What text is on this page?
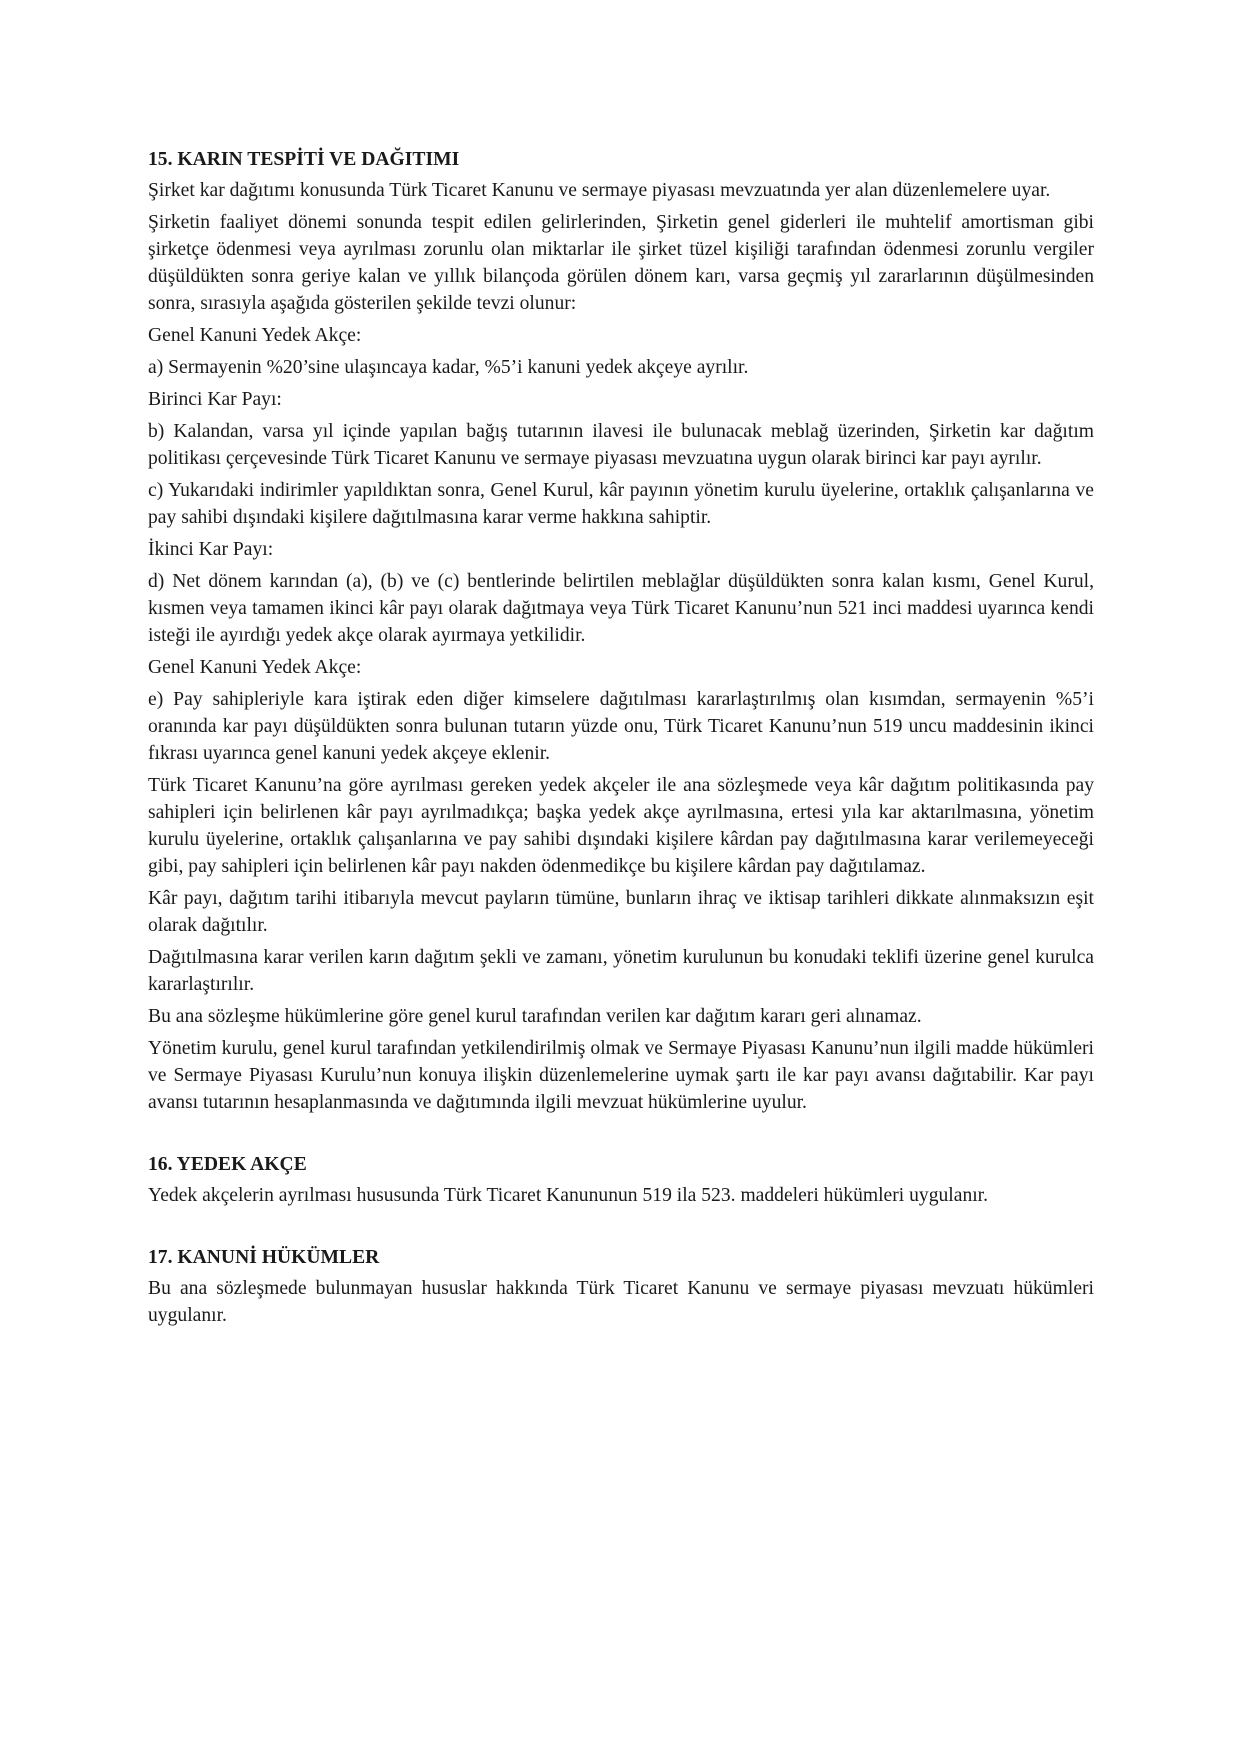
15. KARIN TESPİTİ VE DAĞITIMI
Şirket kar dağıtımı konusunda Türk Ticaret Kanunu ve sermaye piyasası mevzuatında yer alan düzenlemelere uyar.
Şirketin faaliyet dönemi sonunda tespit edilen gelirlerinden, Şirketin genel giderleri ile muhtelif amortisman gibi şirketçe ödenmesi veya ayrılması zorunlu olan miktarlar ile şirket tüzel kişiliği tarafından ödenmesi zorunlu vergiler düşüldükten sonra geriye kalan ve yıllık bilançoda görülen dönem karı, varsa geçmiş yıl zararlarının düşülmesinden sonra, sırasıyla aşağıda gösterilen şekilde tevzi olunur:
Genel Kanuni Yedek Akçe:
a) Sermayenin %20’sine ulaşıncaya kadar, %5’i kanuni yedek akçeye ayrılır.
Birinci Kar Payı:
b) Kalandan, varsa yıl içinde yapılan bağış tutarının ilavesi ile bulunacak meblağ üzerinden, Şirketin kar dağıtım politikası çerçevesinde Türk Ticaret Kanunu ve sermaye piyasası mevzuatına uygun olarak birinci kar payı ayrılır.
c) Yukarıdaki indirimler yapıldıktan sonra, Genel Kurul, kâr payının yönetim kurulu üyelerine, ortaklık çalışanlarına ve pay sahibi dışındaki kişilere dağıtılmasına karar verme hakkına sahiptir.
İkinci Kar Payı:
d) Net dönem karından (a), (b) ve (c) bentlerinde belirtilen meblağlar düşüldükten sonra kalan kısmı, Genel Kurul, kısmen veya tamamen ikinci kâr payı olarak dağıtmaya veya Türk Ticaret Kanunu’nun 521 inci maddesi uyarınca kendi isteği ile ayırdığı yedek akçe olarak ayırmaya yetkilidir.
Genel Kanuni Yedek Akçe:
e) Pay sahipleriyle kara iştirak eden diğer kimselere dağıtılması kararlaştırılmış olan kısımdan, sermayenin %5’i oranında kar payı düşüldükten sonra bulunan tutarın yüzde onu, Türk Ticaret Kanunu’nun 519 uncu maddesinin ikinci fıkrası uyarınca genel kanuni yedek akçeye eklenir.
Türk Ticaret Kanunu’na göre ayrılması gereken yedek akçeler ile ana sözleşmede veya kâr dağıtım politikasında pay sahipleri için belirlenen kâr payı ayrılmadıkça; başka yedek akçe ayrılmasına, ertesi yıla kar aktarılmasına, yönetim kurulu üyelerine, ortaklık çalışanlarına ve pay sahibi dışındaki kişilere kârdan pay dağıtılmasına karar verilemeyeceği gibi, pay sahipleri için belirlenen kâr payı nakden ödenmedikçe bu kişilere kârdan pay dağıtılamaz.
Kâr payı, dağıtım tarihi itibarıyla mevcut payların tümüne, bunların ihraç ve iktisap tarihleri dikkate alınmaksızın eşit olarak dağıtılır.
Dağıtılmasına karar verilen karın dağıtım şekli ve zamanı, yönetim kurulunun bu konudaki teklifi üzerine genel kurulca kararlaştırılır.
Bu ana sözleşme hükümlerine göre genel kurul tarafından verilen kar dağıtım kararı geri alınamaz.
Yönetim kurulu, genel kurul tarafından yetkilendirilmiş olmak ve Sermaye Piyasası Kanunu’nun ilgili madde hükümleri ve Sermaye Piyasası Kurulu’nun konuya ilişkin düzenlemelerine uymak şartı ile kar payı avansı dağıtabilir. Kar payı avansı tutarının hesaplanmasında ve dağıtımında ilgili mevzuat hükümlerine uyulur.
16. YEDEK AKÇE
Yedek akçelerin ayrılması hususunda Türk Ticaret Kanununun 519 ila 523. maddeleri hükümleri uygulanır.
17. KANUNİ HÜKÜMLER
Bu ana sözleşmede bulunmayan hususlar hakkında Türk Ticaret Kanunu ve sermaye piyasası mevzuatı hükümleri uygulanır.
